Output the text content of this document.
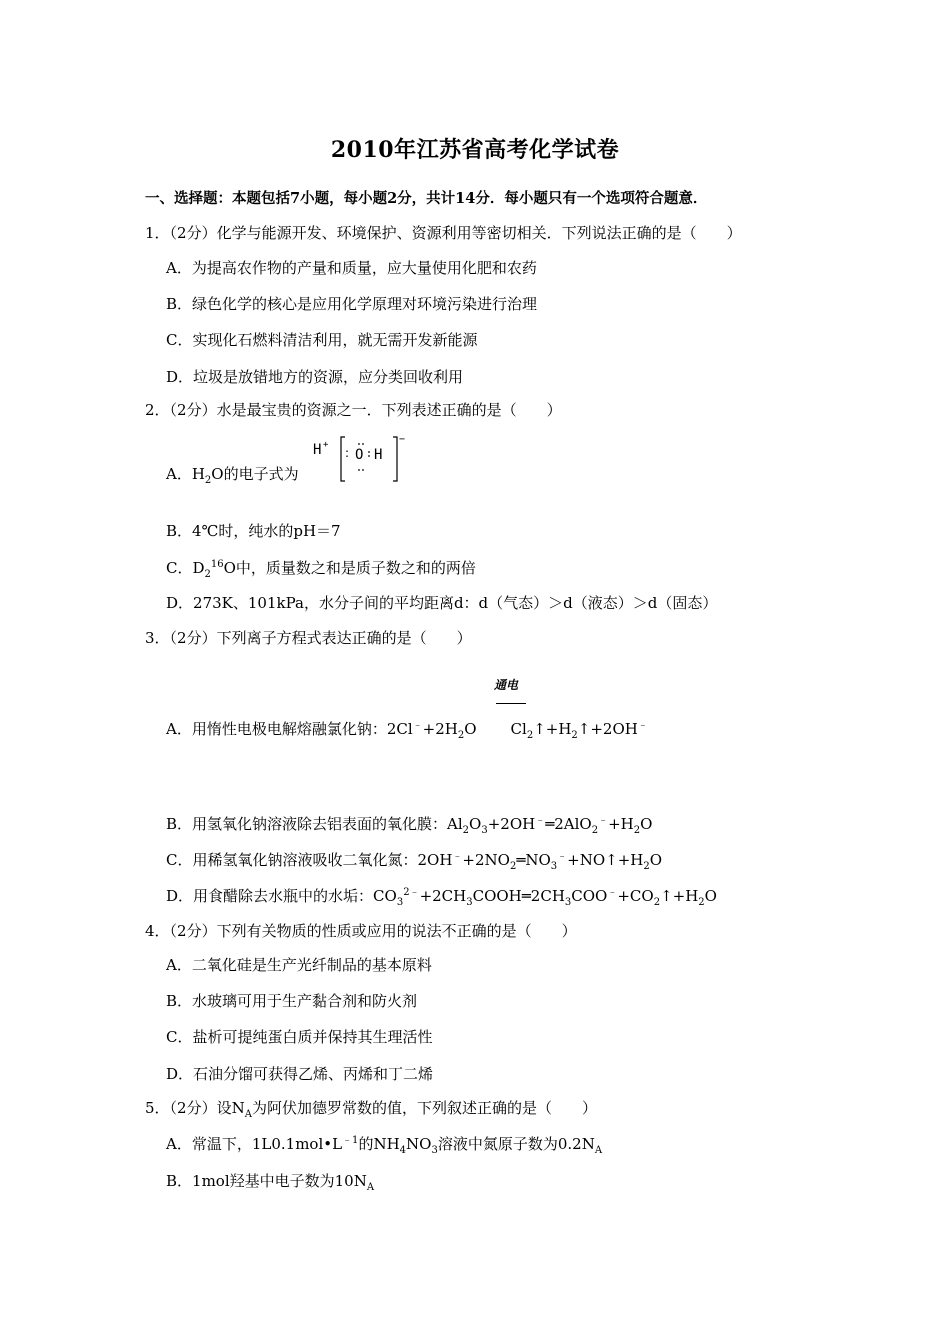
2010年江苏省高考化学试卷
一、选择题：本题包括7小题，每小题2分，共计14分．每小题只有一个选项符合题意．
1．（2分）化学与能源开发、环境保护、资源利用等密切相关．下列说法正确的是（　　）
A．为提高农作物的产量和质量，应大量使用化肥和农药
B．绿色化学的核心是应用化学原理对环境污染进行治理
C．实现化石燃料清洁利用，就无需开发新能源
D．垃圾是放错地方的资源，应分类回收利用
2．（2分）水是最宝贵的资源之一．下列表述正确的是（　　）
A．$H_2O$的电子式为
H +
: O H
−
B．4℃时，纯水的pH＝7
C．$D_2^{16}O$中，质量数之和是质子数之和的两倍
D．273K、101kPa，水分子间的平均距离d：d（气态）＞d（液态）＞d（固态）
3．（2分）下列离子方程式表达正确的是（　　）
通电
A．用惰性电极电解熔融氯化钠：$2Cl^﹣+2H_2O$ $Cl_2↑+H_2↑+2OH^﹣$
B．用氢氧化钠溶液除去铝表面的氧化膜：$Al_2O_3+2OH^﹣═2AlO_2^﹣+H_2O$
C．用稀氢氧化钠溶液吸收二氧化氮：$2OH^﹣+2NO_2═NO_3^﹣+NO↑+H_2O$
D．用食醋除去水瓶中的水垢：$CO_3^{2﹣}+2CH_3COOH═2CH_3COO^﹣+CO_2↑+H_2O$
4．（2分）下列有关物质的性质或应用的说法不正确的是（　　）
A．二氧化硅是生产光纤制品的基本原料
B．水玻璃可用于生产黏合剂和防火剂
C．盐析可提纯蛋白质并保持其生理活性
D．石油分馏可获得乙烯、丙烯和丁二烯
5．（2分）设$N_A$为阿伏加德罗常数的值，下列叙述正确的是（　　）
A．常温下，$1L0.1mol•L^{﹣1}$的$NH_4NO_3$溶液中氮原子数为$0.2N_A$
B．1mol羟基中电子数为$10N_A$
